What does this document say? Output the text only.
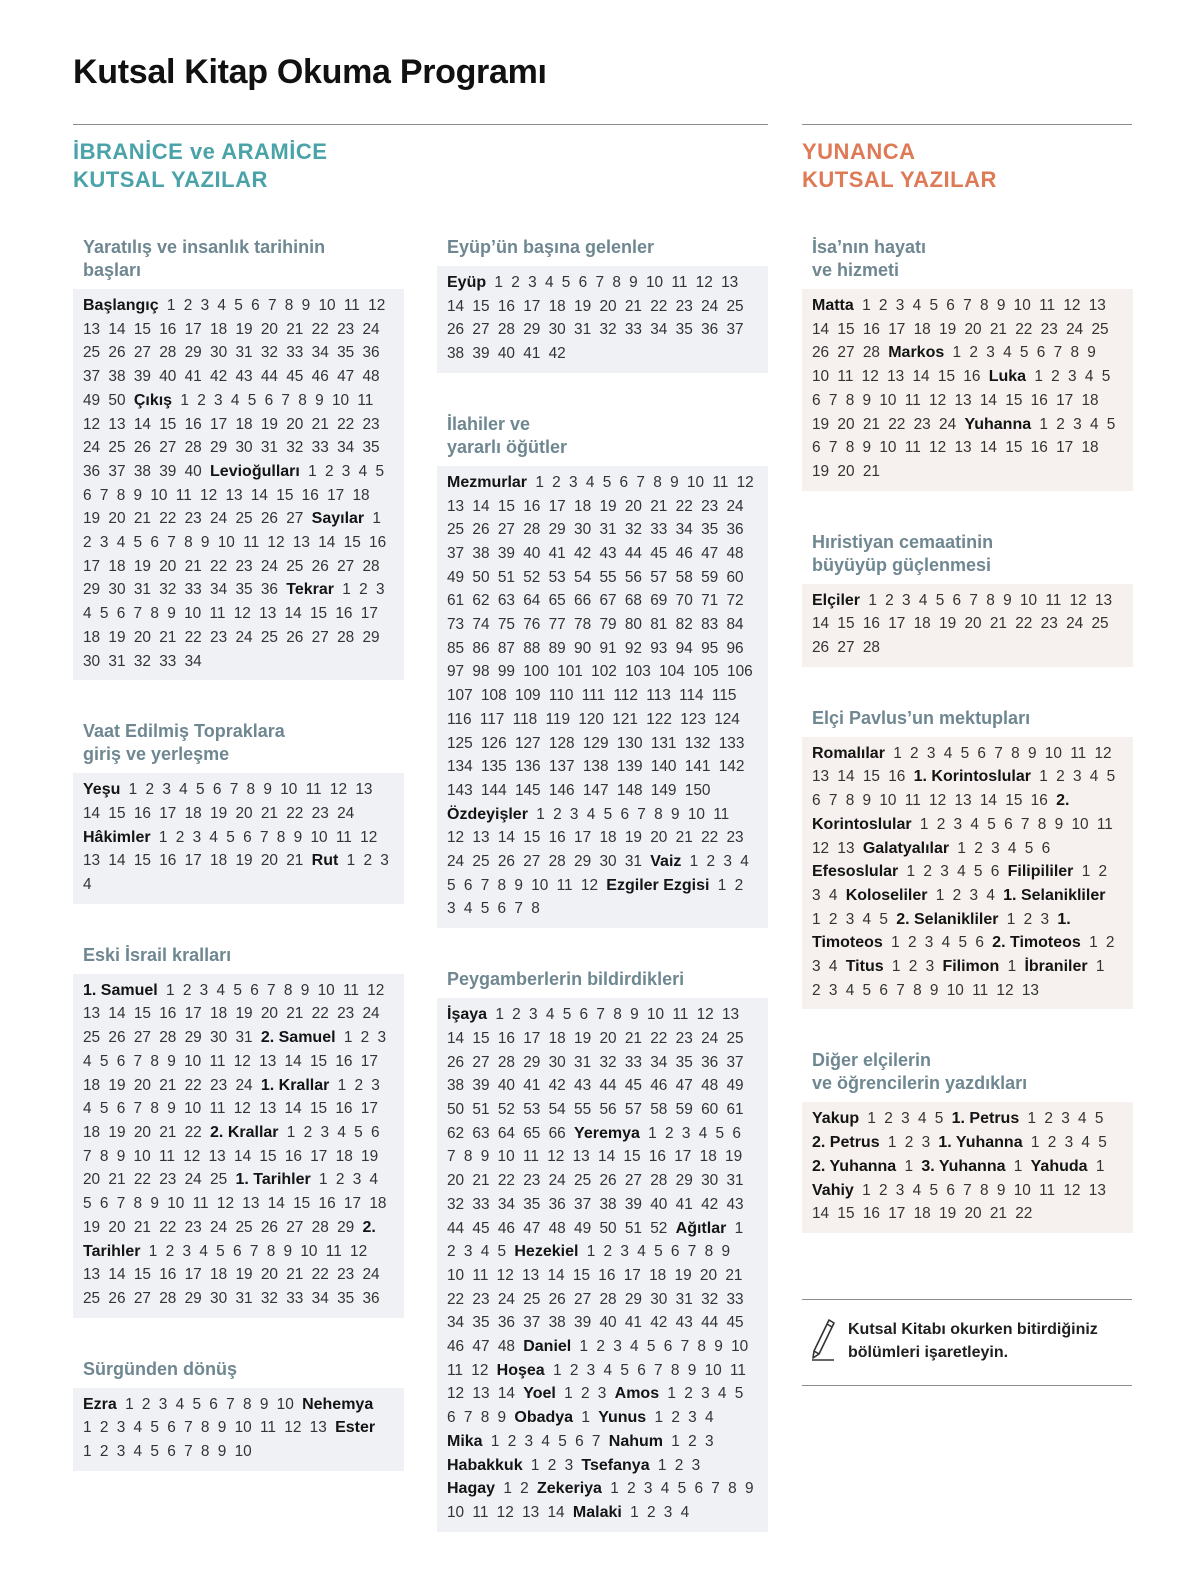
Kutsal Kitap Okuma Programı
İBRANİCE ve ARAMİCE
KUTSAL YAZILAR
YUNANCA
KUTSAL YAZILAR
Yaratılış ve insanlık tarihinin
başları
Başlangıç 1 2 3 4 5 6 7 8 9 10 11 12 13 14 15 16 17 18 19 20 21 22 23 24 25 26 27 28 29 30 31 32 33 34 35 36 37 38 39 40 41 42 43 44 45 46 47 48 49 50 Çıkış 1 2 3 4 5 6 7 8 9 10 11 12 13 14 15 16 17 18 19 20 21 22 23 24 25 26 27 28 29 30 31 32 33 34 35 36 37 38 39 40 Levioğulları 1 2 3 4 5 6 7 8 9 10 11 12 13 14 15 16 17 18 19 20 21 22 23 24 25 26 27 Sayılar 1 2 3 4 5 6 7 8 9 10 11 12 13 14 15 16 17 18 19 20 21 22 23 24 25 26 27 28 29 30 31 32 33 34 35 36 Tekrar 1 2 3 4 5 6 7 8 9 10 11 12 13 14 15 16 17 18 19 20 21 22 23 24 25 26 27 28 29 30 31 32 33 34
Vaat Edilmiş Topraklara
giriş ve yerleşme
Yeşu 1 2 3 4 5 6 7 8 9 10 11 12 13 14 15 16 17 18 19 20 21 22 23 24 Hâkimler 1 2 3 4 5 6 7 8 9 10 11 12 13 14 15 16 17 18 19 20 21 Rut 1 2 3 4
Eski İsrail kralları
1. Samuel 1 2 3 4 5 6 7 8 9 10 11 12 13 14 15 16 17 18 19 20 21 22 23 24 25 26 27 28 29 30 31 2. Samuel 1 2 3 4 5 6 7 8 9 10 11 12 13 14 15 16 17 18 19 20 21 22 23 24 1. Krallar 1 2 3 4 5 6 7 8 9 10 11 12 13 14 15 16 17 18 19 20 21 22 2. Krallar 1 2 3 4 5 6 7 8 9 10 11 12 13 14 15 16 17 18 19 20 21 22 23 24 25 1. Tarihler 1 2 3 4 5 6 7 8 9 10 11 12 13 14 15 16 17 18 19 20 21 22 23 24 25 26 27 28 29 2. Tarihler 1 2 3 4 5 6 7 8 9 10 11 12 13 14 15 16 17 18 19 20 21 22 23 24 25 26 27 28 29 30 31 32 33 34 35 36
Sürgünden dönüş
Ezra 1 2 3 4 5 6 7 8 9 10 Nehemya 1 2 3 4 5 6 7 8 9 10 11 12 13 Ester 1 2 3 4 5 6 7 8 9 10
Eyüp’ün başına gelenler
Eyüp 1 2 3 4 5 6 7 8 9 10 11 12 13 14 15 16 17 18 19 20 21 22 23 24 25 26 27 28 29 30 31 32 33 34 35 36 37 38 39 40 41 42
İlahiler ve
yararlı öğütler
Mezmurlar 1 2 3 4 5 6 7 8 9 10 11 12 13 14 15 16 17 18 19 20 21 22 23 24 25 26 27 28 29 30 31 32 33 34 35 36 37 38 39 40 41 42 43 44 45 46 47 48 49 50 51 52 53 54 55 56 57 58 59 60 61 62 63 64 65 66 67 68 69 70 71 72 73 74 75 76 77 78 79 80 81 82 83 84 85 86 87 88 89 90 91 92 93 94 95 96 97 98 99 100 101 102 103 104 105 106 107 108 109 110 111 112 113 114 115 116 117 118 119 120 121 122 123 124 125 126 127 128 129 130 131 132 133 134 135 136 137 138 139 140 141 142 143 144 145 146 147 148 149 150 Özdeyişler 1 2 3 4 5 6 7 8 9 10 11 12 13 14 15 16 17 18 19 20 21 22 23 24 25 26 27 28 29 30 31 Vaiz 1 2 3 4 5 6 7 8 9 10 11 12 Ezgiler Ezgisi 1 2 3 4 5 6 7 8
Peygamberlerin bildirdikleri
İşaya 1 2 3 4 5 6 7 8 9 10 11 12 13 14 15 16 17 18 19 20 21 22 23 24 25 26 27 28 29 30 31 32 33 34 35 36 37 38 39 40 41 42 43 44 45 46 47 48 49 50 51 52 53 54 55 56 57 58 59 60 61 62 63 64 65 66 Yeremya 1 2 3 4 5 6 7 8 9 10 11 12 13 14 15 16 17 18 19 20 21 22 23 24 25 26 27 28 29 30 31 32 33 34 35 36 37 38 39 40 41 42 43 44 45 46 47 48 49 50 51 52 Ağıtlar 1 2 3 4 5 Hezekiel 1 2 3 4 5 6 7 8 9 10 11 12 13 14 15 16 17 18 19 20 21 22 23 24 25 26 27 28 29 30 31 32 33 34 35 36 37 38 39 40 41 42 43 44 45 46 47 48 Daniel 1 2 3 4 5 6 7 8 9 10 11 12 Hoşea 1 2 3 4 5 6 7 8 9 10 11 12 13 14 Yoel 1 2 3 Amos 1 2 3 4 5 6 7 8 9 Obadya 1 Yunus 1 2 3 4 Mika 1 2 3 4 5 6 7 Nahum 1 2 3 Habakkuk 1 2 3 Tsefanya 1 2 3 Hagay 1 2 Zekeriya 1 2 3 4 5 6 7 8 9 10 11 12 13 14 Malaki 1 2 3 4
İsa’nın hayatı
ve hizmeti
Matta 1 2 3 4 5 6 7 8 9 10 11 12 13 14 15 16 17 18 19 20 21 22 23 24 25 26 27 28 Markos 1 2 3 4 5 6 7 8 9 10 11 12 13 14 15 16 Luka 1 2 3 4 5 6 7 8 9 10 11 12 13 14 15 16 17 18 19 20 21 22 23 24 Yuhanna 1 2 3 4 5 6 7 8 9 10 11 12 13 14 15 16 17 18 19 20 21
Hıristiyan cemaatinin
büyüyüp güçlenmesi
Elçiler 1 2 3 4 5 6 7 8 9 10 11 12 13 14 15 16 17 18 19 20 21 22 23 24 25 26 27 28
Elçi Pavlus’un mektupları
Romalılar 1 2 3 4 5 6 7 8 9 10 11 12 13 14 15 16 1. Korintoslular 1 2 3 4 5 6 7 8 9 10 11 12 13 14 15 16 2. Korintoslular 1 2 3 4 5 6 7 8 9 10 11 12 13 Galatyalılar 1 2 3 4 5 6 Efesoslular 1 2 3 4 5 6 Filipililer 1 2 3 4 Koloseliler 1 2 3 4 1. Selanikliler 1 2 3 4 5 2. Selanikliler 1 2 3 1. Timoteos 1 2 3 4 5 6 2. Timoteos 1 2 3 4 Titus 1 2 3 Filimon 1 İbraniler 1 2 3 4 5 6 7 8 9 10 11 12 13
Diğer elçilerin
ve öğrencilerin yazdıkları
Yakup 1 2 3 4 5 1. Petrus 1 2 3 4 5 2. Petrus 1 2 3 1. Yuhanna 1 2 3 4 5 2. Yuhanna 1 3. Yuhanna 1 Yahuda 1 Vahiy 1 2 3 4 5 6 7 8 9 10 11 12 13 14 15 16 17 18 19 20 21 22
Kutsal Kitabı okurken bitirdiğiniz
bölümleri işaretleyin.
